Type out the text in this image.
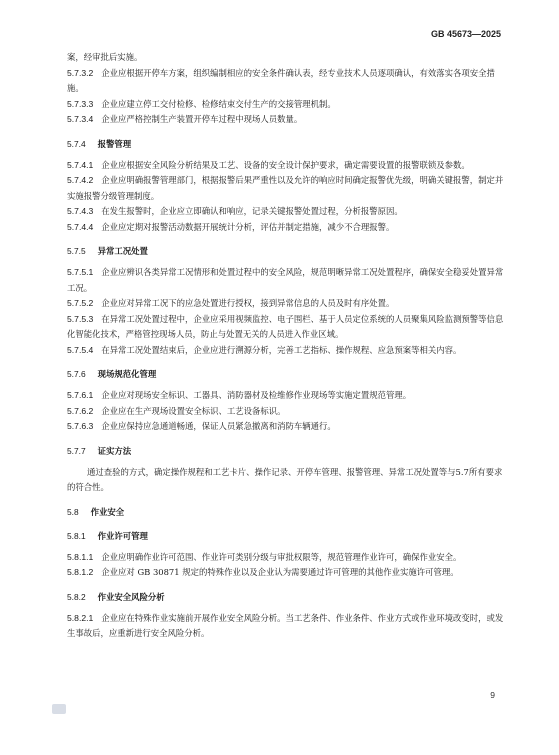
GB 45673—2025
案，经审批后实施。
5.7.3.2 企业应根据开停车方案，组织编制相应的安全条件确认表，经专业技术人员逐项确认，有效落实各项安全措施。
5.7.3.3 企业应建立停工交付检修、检修结束交付生产的交接管理机制。
5.7.3.4 企业应严格控制生产装置开停车过程中现场人员数量。
5.7.4 报警管理
5.7.4.1 企业应根据安全风险分析结果及工艺、设备的安全设计保护要求，确定需要设置的报警联锁及参数。
5.7.4.2 企业应明确报警管理部门，根据报警后果严重性以及允许的响应时间确定报警优先级，明确关键报警，制定并实施报警分级管理制度。
5.7.4.3 在发生报警时，企业应立即确认和响应，记录关键报警处置过程，分析报警原因。
5.7.4.4 企业应定期对报警活动数据开展统计分析，评估并制定措施，减少不合理报警。
5.7.5 异常工况处置
5.7.5.1 企业应辨识各类异常工况情形和处置过程中的安全风险，规范明晰异常工况处置程序，确保安全稳妥处置异常工况。
5.7.5.2 企业应对异常工况下的应急处置进行授权，接到异常信息的人员及时有序处置。
5.7.5.3 在异常工况处置过程中，企业应采用视频监控、电子围栏、基于人员定位系统的人员聚集风险监测预警等信息化智能化技术，严格管控现场人员，防止与处置无关的人员进入作业区域。
5.7.5.4 在异常工况处置结束后，企业应进行溯源分析，完善工艺指标、操作规程、应急预案等相关内容。
5.7.6 现场规范化管理
5.7.6.1 企业应对现场安全标识、工器具、消防器材及检维修作业现场等实施定置规范管理。
5.7.6.2 企业应在生产现场设置安全标识、工艺设备标识。
5.7.6.3 企业应保持应急通道畅通，保证人员紧急撤离和消防车辆通行。
5.7.7 证实方法
通过查验的方式，确定操作规程和工艺卡片、操作记录、开停车管理、报警管理、异常工况处置等与5.7所有要求的符合性。
5.8 作业安全
5.8.1 作业许可管理
5.8.1.1 企业应明确作业许可范围、作业许可类别分级与审批权限等，规范管理作业许可，确保作业安全。
5.8.1.2 企业应对 GB 30871 规定的特殊作业以及企业认为需要通过许可管理的其他作业实施许可管理。
5.8.2 作业安全风险分析
5.8.2.1 企业应在特殊作业实施前开展作业安全风险分析。当工艺条件、作业条件、作业方式或作业环境改变时，或发生事故后，应重新进行安全风险分析。
9
